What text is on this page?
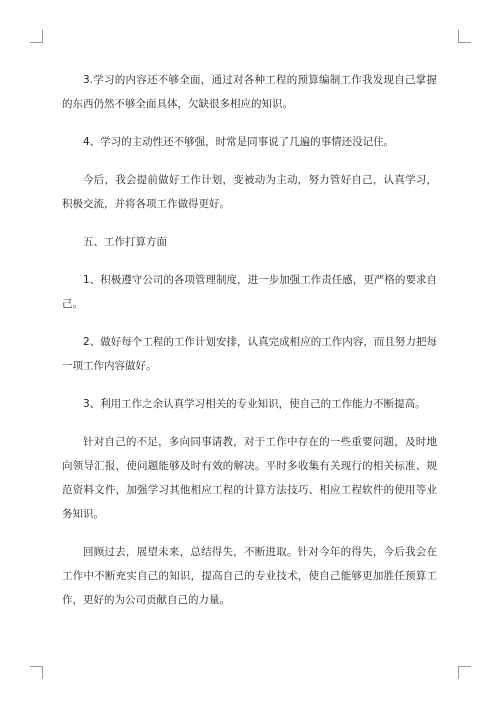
3.学习的内容还不够全面，通过对各种工程的预算编制工作我发现自己掌握的东西仍然不够全面具体，欠缺很多相应的知识。

4、学习的主动性还不够强，时常是同事说了几遍的事情还没记住。

今后，我会提前做好工作计划，变被动为主动，努力管好自己，认真学习，积极交流，并将各项工作做得更好。

五、工作打算方面

1、积极遵守公司的各项管理制度，进一步加强工作责任感，更严格的要求自己。

2、做好每个工程的工作计划安排，认真完成相应的工作内容，而且努力把每一项工作内容做好。

3、利用工作之余认真学习相关的专业知识，使自己的工作能力不断提高。

针对自己的不足，多向同事请教，对于工作中存在的一些重要问题，及时地向领导汇报，使问题能够及时有效的解决。平时多收集有关现行的相关标准、规范资料文件，加强学习其他相应工程的计算方法技巧、相应工程软件的使用等业务知识。

回顾过去，展望未来，总结得失，不断进取。针对今年的得失，今后我会在工作中不断充实自己的知识，提高自己的专业技术，使自己能够更加胜任预算工作，更好的为公司贡献自己的力量。
